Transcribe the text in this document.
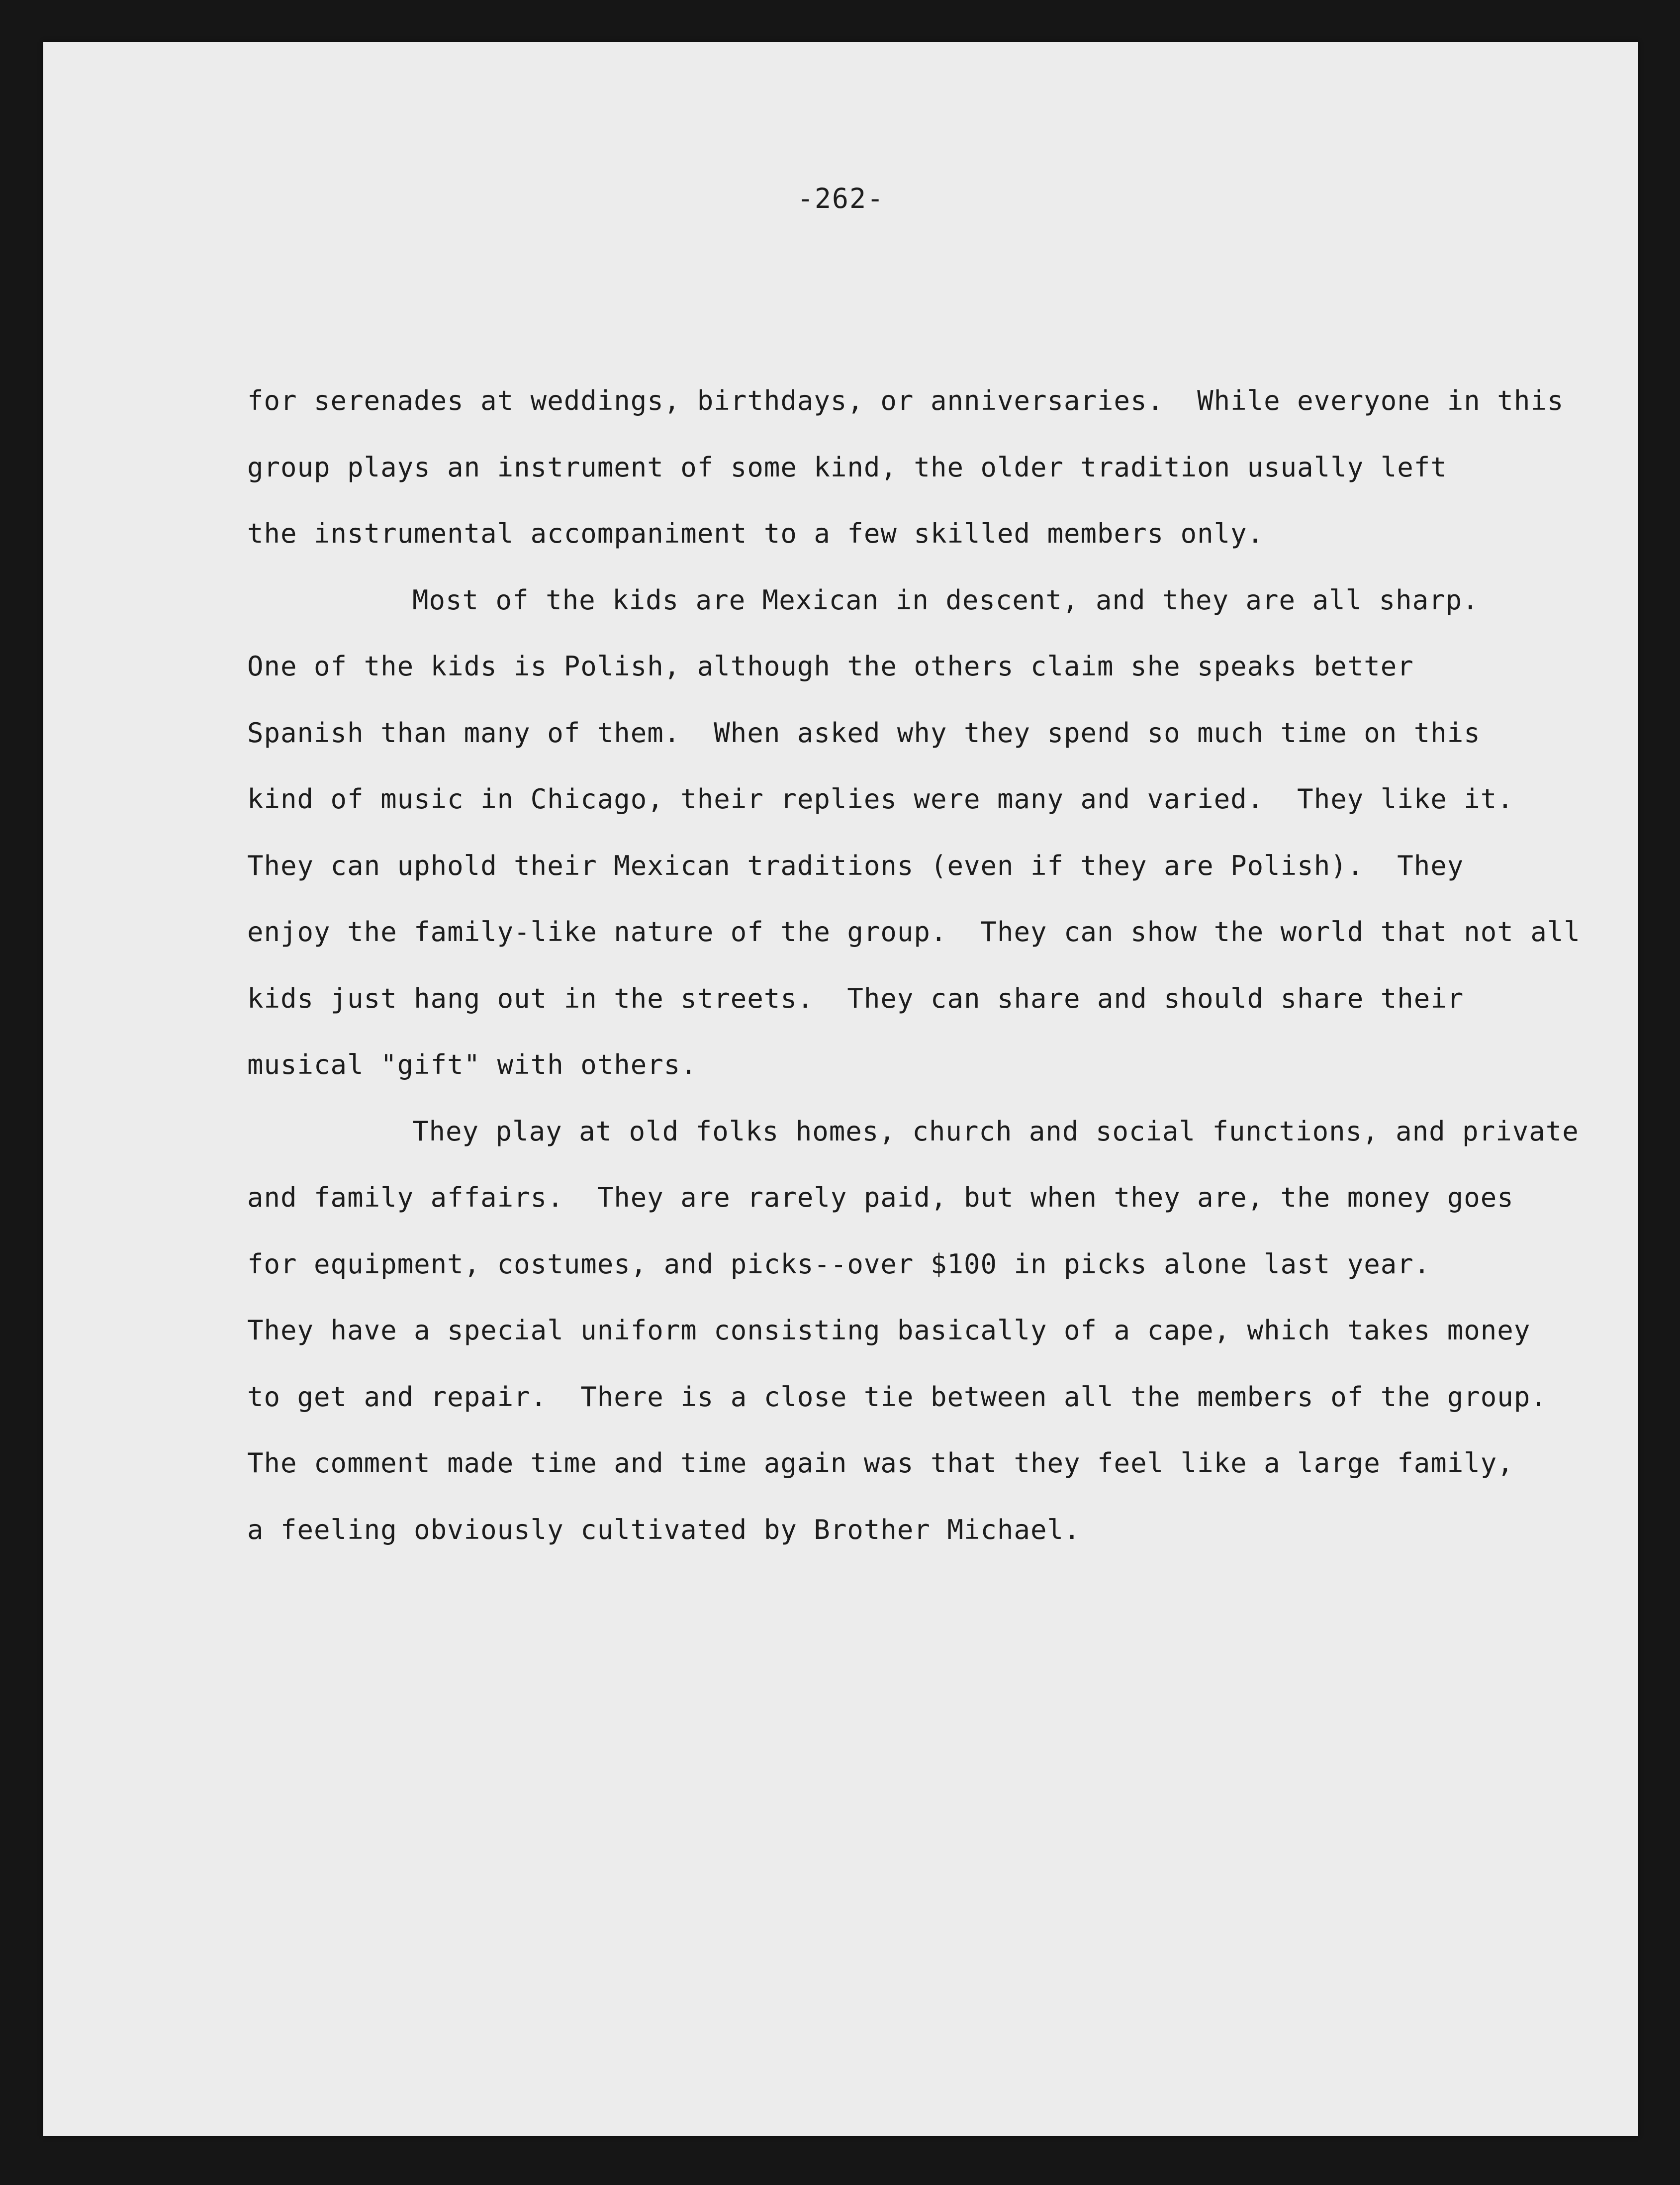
-262-
for serenades at weddings, birthdays, or anniversaries.  While everyone in this
group plays an instrument of some kind, the older tradition usually left
the instrumental accompaniment to a few skilled members only.
Most of the kids are Mexican in descent, and they are all sharp.
One of the kids is Polish, although the others claim she speaks better
Spanish than many of them.  When asked why they spend so much time on this
kind of music in Chicago, their replies were many and varied.  They like it.
They can uphold their Mexican traditions (even if they are Polish).  They
enjoy the family-like nature of the group.  They can show the world that not all
kids just hang out in the streets.  They can share and should share their
musical "gift" with others.
They play at old folks homes, church and social functions, and private
and family affairs.  They are rarely paid, but when they are, the money goes
for equipment, costumes, and picks--over $100 in picks alone last year.
They have a special uniform consisting basically of a cape, which takes money
to get and repair.  There is a close tie between all the members of the group.
The comment made time and time again was that they feel like a large family,
a feeling obviously cultivated by Brother Michael.
